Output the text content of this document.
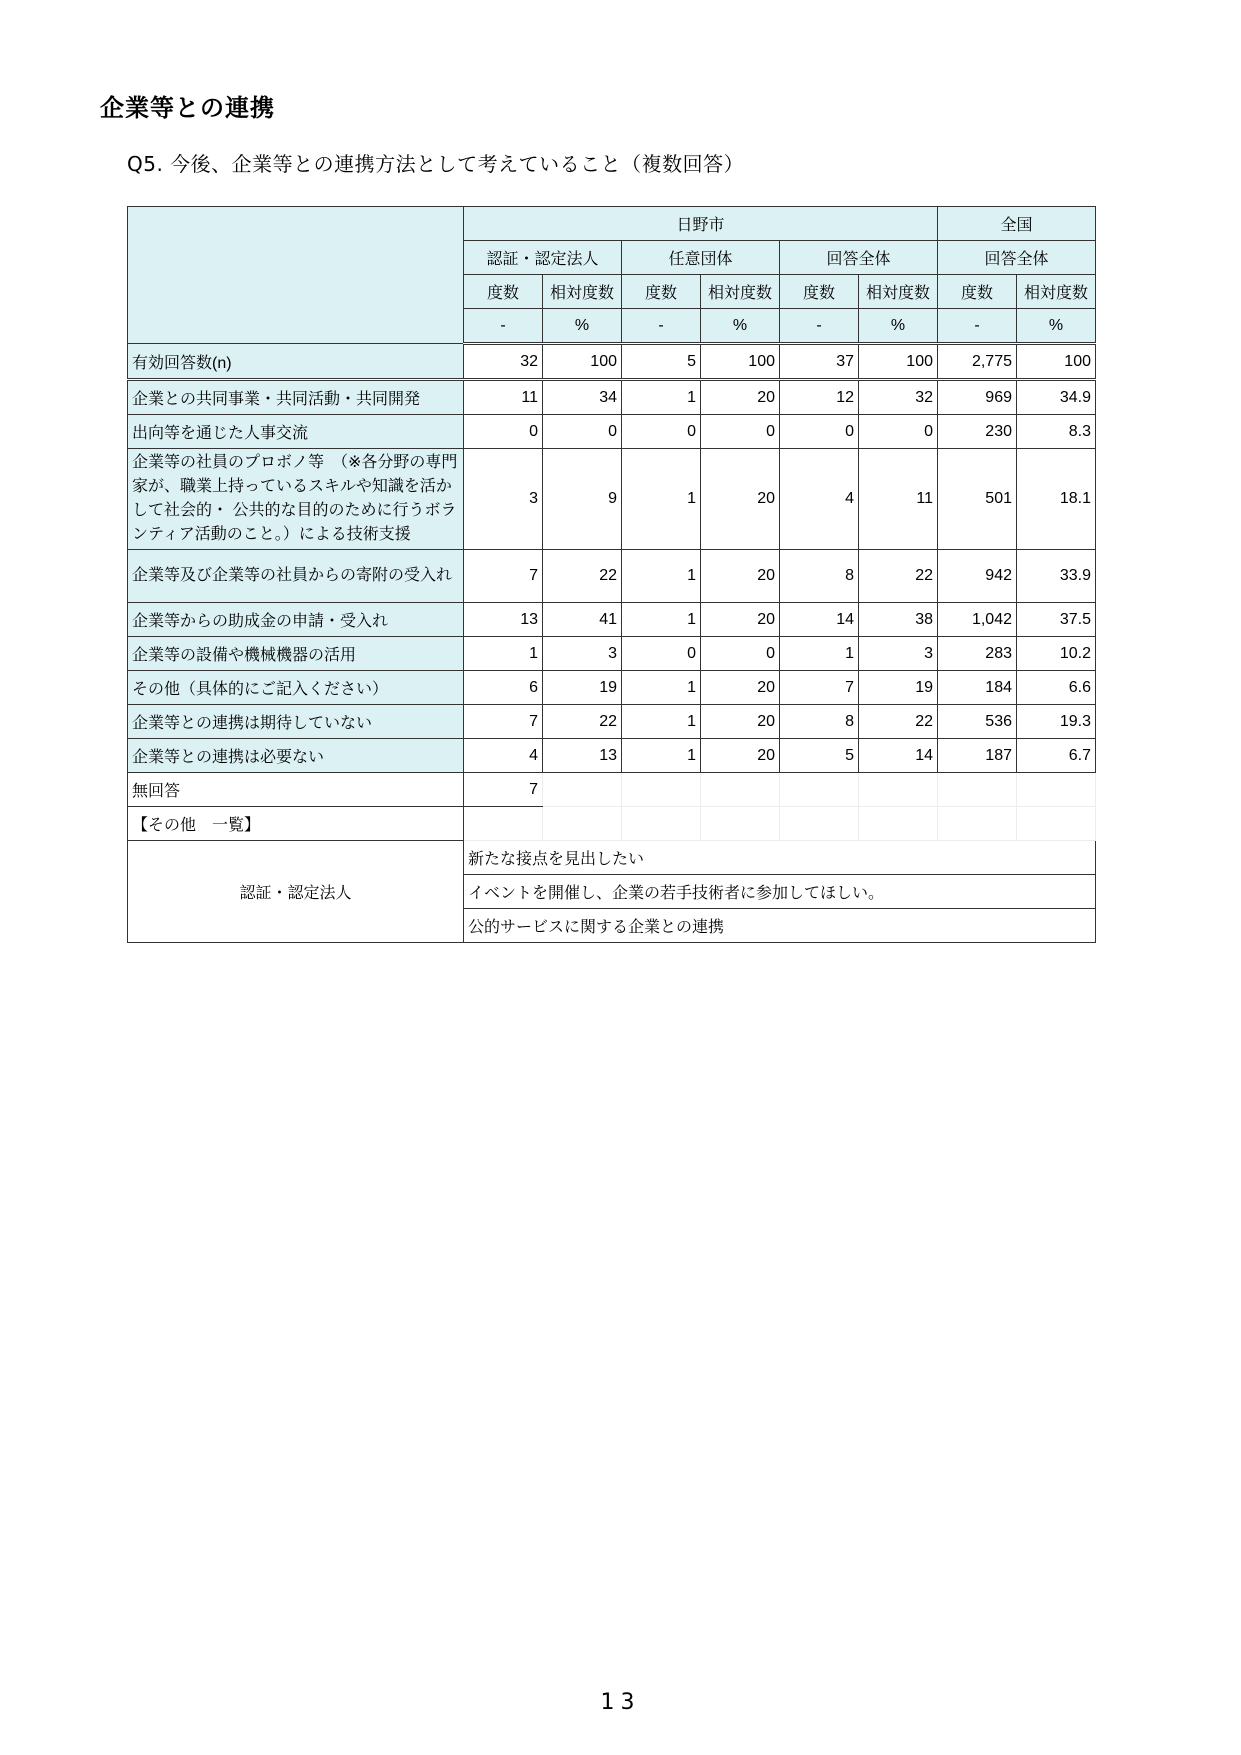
企業等との連携
Q5. 今後、企業等との連携方法として考えていること（複数回答）
	日野市						全国	
	認証・認定法人		任意団体		回答全体		回答全体	
	度数	相対度数	度数	相対度数	度数	相対度数	度数	相対度数
	-	%	-	%	-	%	-	%
有効回答数(n)	32	100	5	100	37	100	2,775	100
企業との共同事業・共同活動・共同開発	11	34	1	20	12	32	969	34.9
出向等を通じた人事交流	0	0	0	0	0	0	230	8.3
企業等の社員のプロボノ等　（※各分野の専門家が、職業上持っているスキルや知識を活かして社会的・ 公共的な目的のために行うボランティア活動のこと。）による技術支援	3	9	1	20	4	11	501	18.1
企業等及び企業等の社員からの寄附の受入れ	7	22	1	20	8	22	942	33.9
企業等からの助成金の申請・受入れ	13	41	1	20	14	38	1,042	37.5
企業等の設備や機械機器の活用	1	3	0	0	1	3	283	10.2
その他（具体的にご記入ください）	6	19	1	20	7	19	184	6.6
企業等との連携は期待していない	7	22	1	20	8	22	536	19.3
企業等との連携は必要ない	4	13	1	20	5	14	187	6.7
無回答	7							
【その他　一覧】								
認証・認定法人	新たな接点を見出したい							
	イベントを開催し、企業の若手技術者に参加してほしい。							
	公的サービスに関する企業との連携							
13
